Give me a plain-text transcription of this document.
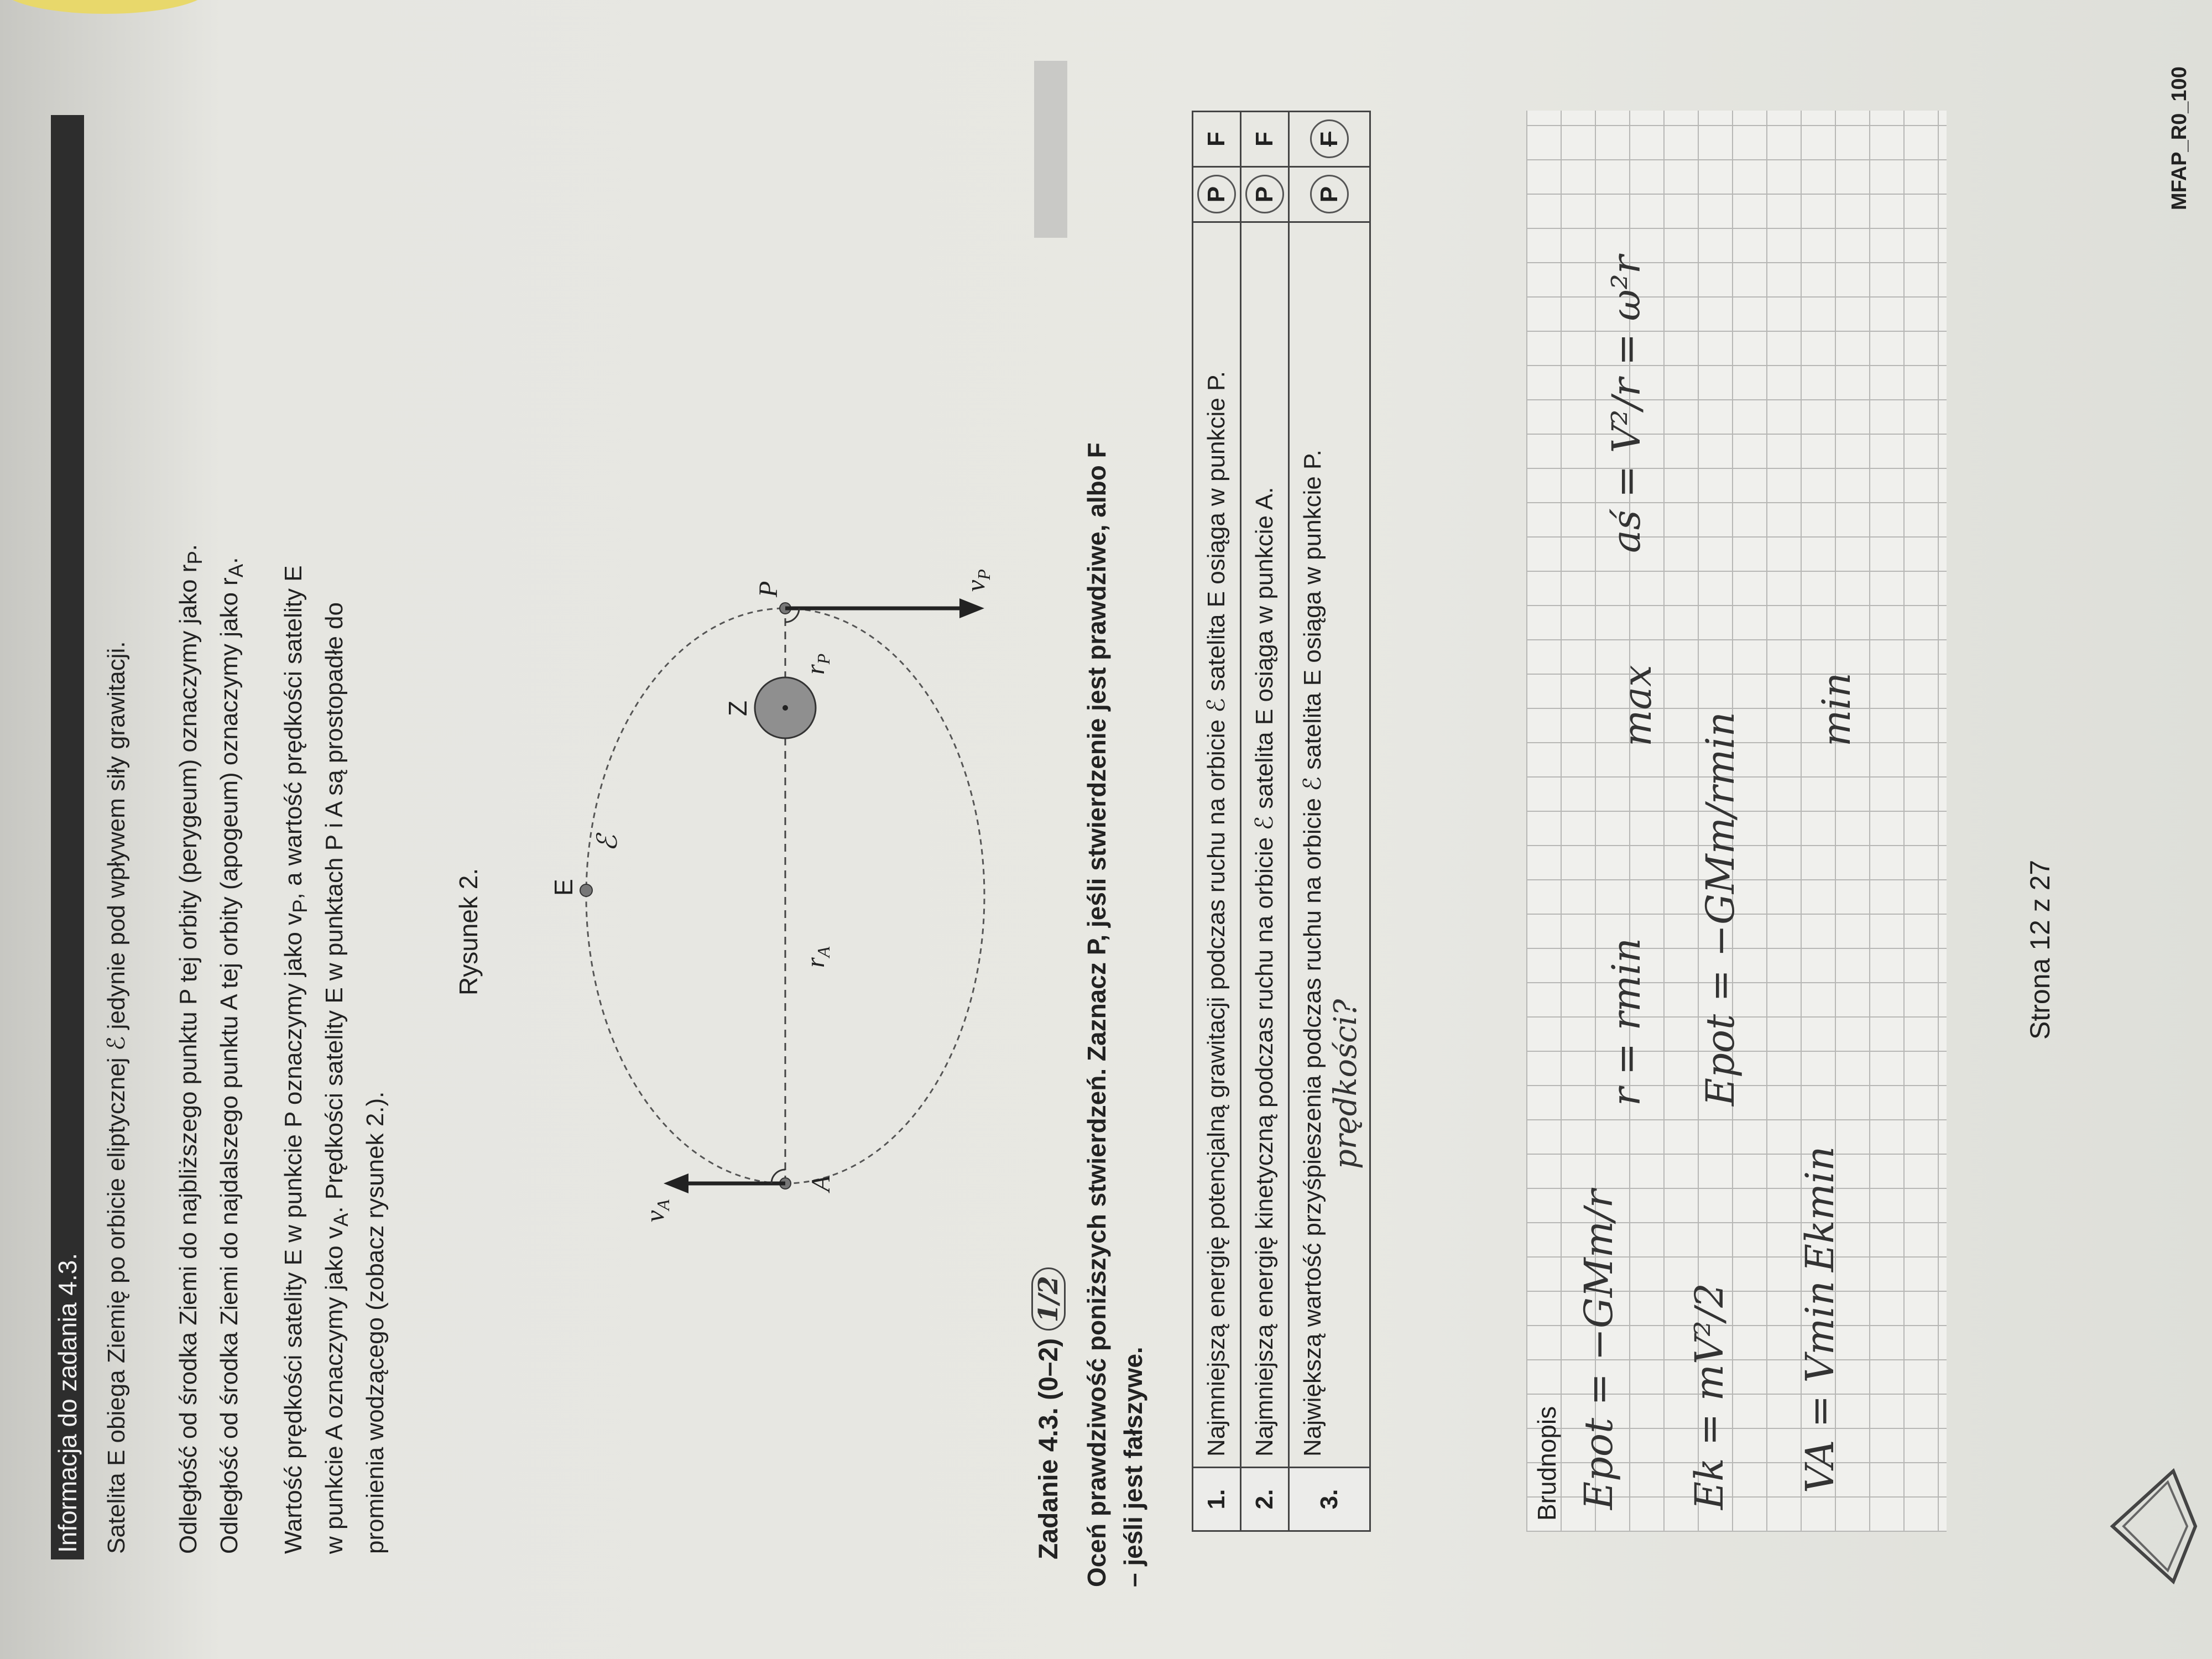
Informacja do zadania 4.3. Satelita E obiega Ziemię po orbicie eliptycznej ℰ jedynie pod wpływem siły grawitacji. Odległość od środka Ziemi do najbliższego punktu P tej orbity (perygeum) oznaczymy jako $r_P$.
Odległość od środka Ziemi do najdalszego punktu A tej orbity (apogeum) oznaczymy jako $r_A$.
Wartość prędkości satelity E w punkcie P oznaczymy jako $v_P$, a wartość prędkości satelity E
w punkcie A oznaczymy jako $v_A$. Prędkości satelity E w punktach P i A są prostopadłe do
promienia wodzącego (zobacz rysunek 2.).
Rysunek 2.	E
ℰ
Z
A
P
$r_A$
$r_P$
$v_A$
$v_P$
Zadanie 4.3. (0–2) 1/2 Oceń prawdziwość poniższych stwierdzeń. Zaznacz P, jeśli stwierdzenie jest prawdziwe, albo F – jeśli jest fałszywe. 1.	Najmniejszą energię potencjalną grawitacji podczas ruchu na orbicie ℰ satelita E osiąga w punkcie P.	P	F
2.	Najmniejszą energię kinetyczną podczas ruchu na orbicie ℰ satelita E osiąga w punkcie A.	P	F
3.	Największą wartość przyśpieszenia podczas ruchu na orbicie ℰ satelita E osiąga w punkcie P. prędkości?	P	F
Brudnopis Epot = −GMm/r Ek = mV²/2 VA = Vmin
r = rmin Epot = −GMm/rmin
Ekmin
max	min
aś = V²/r = ω²r
Strona 12 z 27
MFAP_R0_100
